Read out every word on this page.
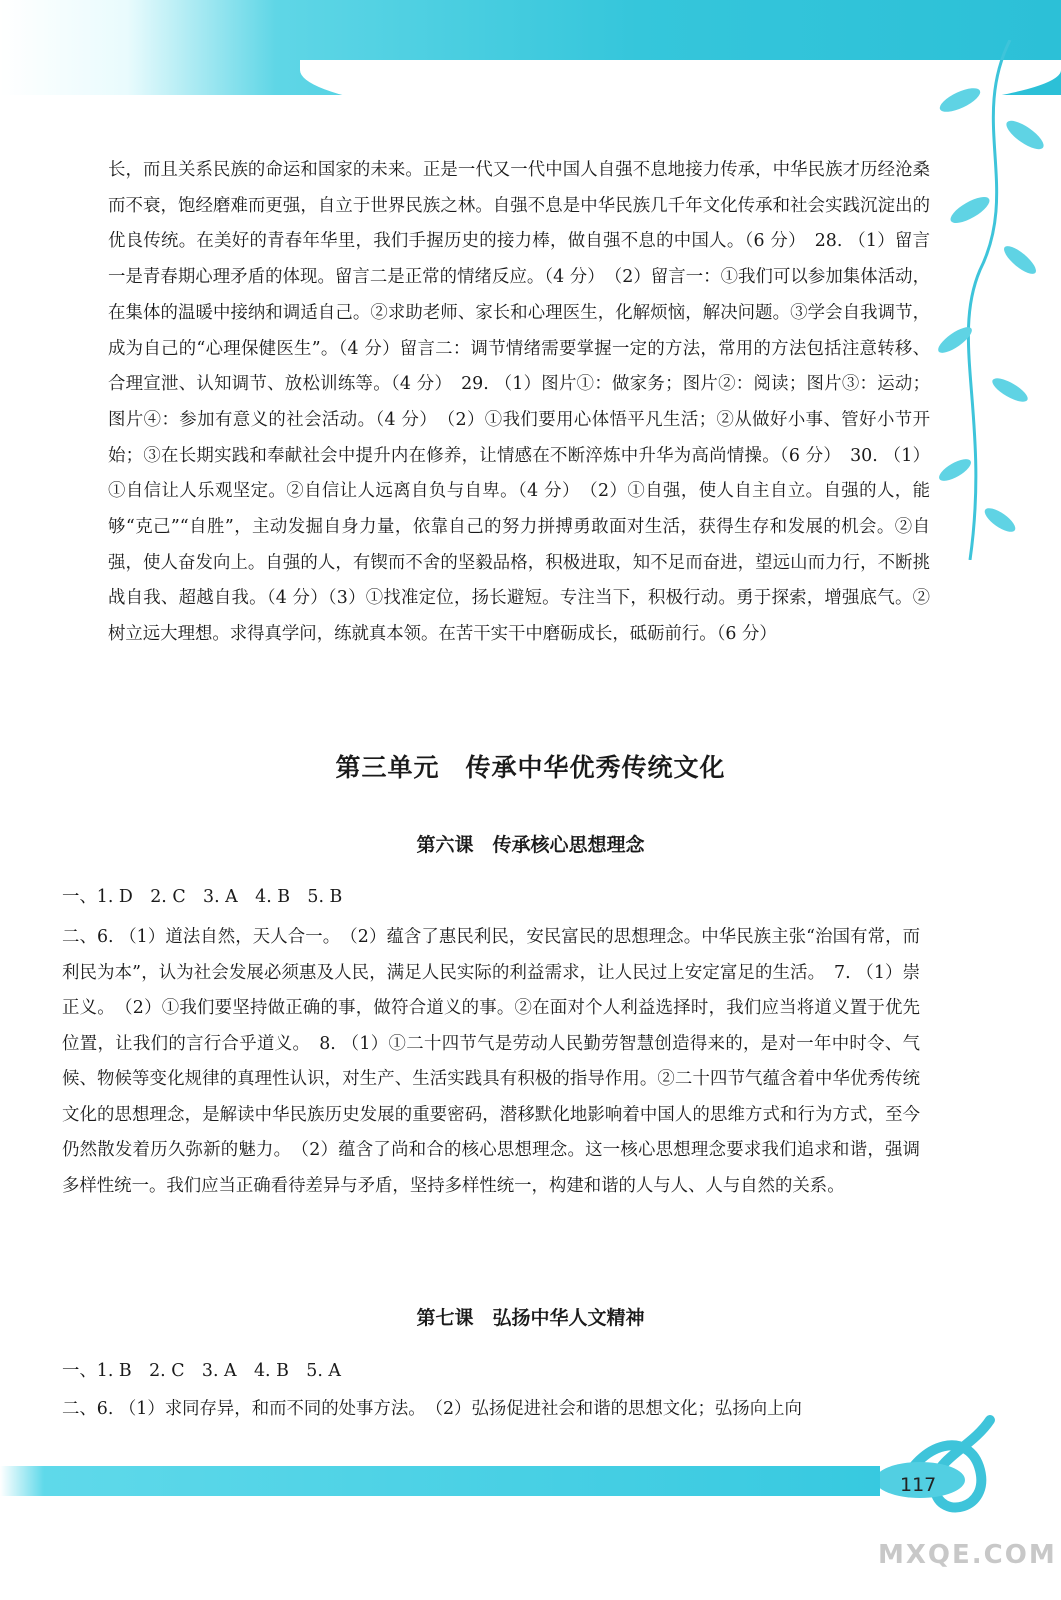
长，而且关系民族的命运和国家的未来。正是一代又一代中国人自强不息地接力传承，中华民族才历经沧桑而不衰，饱经磨难而更强，自立于世界民族之林。自强不息是中华民族几千年文化传承和社会实践沉淀出的优良传统。在美好的青春年华里，我们手握历史的接力棒，做自强不息的中国人。（6 分）　28. （1）留言一是青春期心理矛盾的体现。留言二是正常的情绪反应。（4 分）　（2）留言一：①我们可以参加集体活动，在集体的温暖中接纳和调适自己。②求助老师、家长和心理医生，化解烦恼，解决问题。③学会自我调节，成为自己的“心理保健医生”。（4 分）留言二：调节情绪需要掌握一定的方法，常用的方法包括注意转移、合理宣泄、认知调节、放松训练等。（4 分）　29. （1）图片①：做家务；图片②：阅读；图片③：运动；图片④：参加有意义的社会活动。（4 分）　（2）①我们要用心体悟平凡生活；②从做好小事、管好小节开始；③在长期实践和奉献社会中提升内在修养，让情感在不断淬炼中升华为高尚情操。（6 分）　30. （1）①自信让人乐观坚定。②自信让人远离自负与自卑。（4 分）　（2）①自强，使人自主自立。自强的人，能够“克己”“自胜”，主动发掘自身力量，依靠自己的努力拼搏勇敢面对生活，获得生存和发展的机会。②自强，使人奋发向上。自强的人，有锲而不舍的坚毅品格，积极进取，知不足而奋进，望远山而力行，不断挑战自我、超越自我。（4 分）（3）①找准定位，扬长避短。专注当下，积极行动。勇于探索，增强底气。②树立远大理想。求得真学问，练就真本领。在苦干实干中磨砺成长，砥砺前行。（6 分）

第三单元　传承中华优秀传统文化
第六课　传承核心思想理念
一、1. D　2. C　3. A　4. B　5. B

二、6. （1）道法自然，天人合一。　（2）蕴含了惠民利民，安民富民的思想理念。中华民族主张“治国有常，而利民为本”，认为社会发展必须惠及人民，满足人民实际的利益需求，让人民过上安定富足的生活。　7. （1）崇正义。　（2）①我们要坚持做正确的事，做符合道义的事。②在面对个人利益选择时，我们应当将道义置于优先位置，让我们的言行合乎道义。　8. （1）①二十四节气是劳动人民勤劳智慧创造得来的，是对一年中时令、气候、物候等变化规律的真理性认识，对生产、生活实践具有积极的指导作用。②二十四节气蕴含着中华优秀传统文化的思想理念，是解读中华民族历史发展的重要密码，潜移默化地影响着中国人的思维方式和行为方式，至今仍然散发着历久弥新的魅力。　（2）蕴含了尚和合的核心思想理念。这一核心思想理念要求我们追求和谐，强调多样性统一。我们应当正确看待差异与矛盾，坚持多样性统一，构建和谐的人与人、人与自然的关系。

第七课　弘扬中华人文精神
一、1. B　2. C　3. A　4. B　5. A
二、6. （1）求同存异，和而不同的处事方法。　（2）弘扬促进社会和谐的思想文化；弘扬向上向
117
MXQE.COM
